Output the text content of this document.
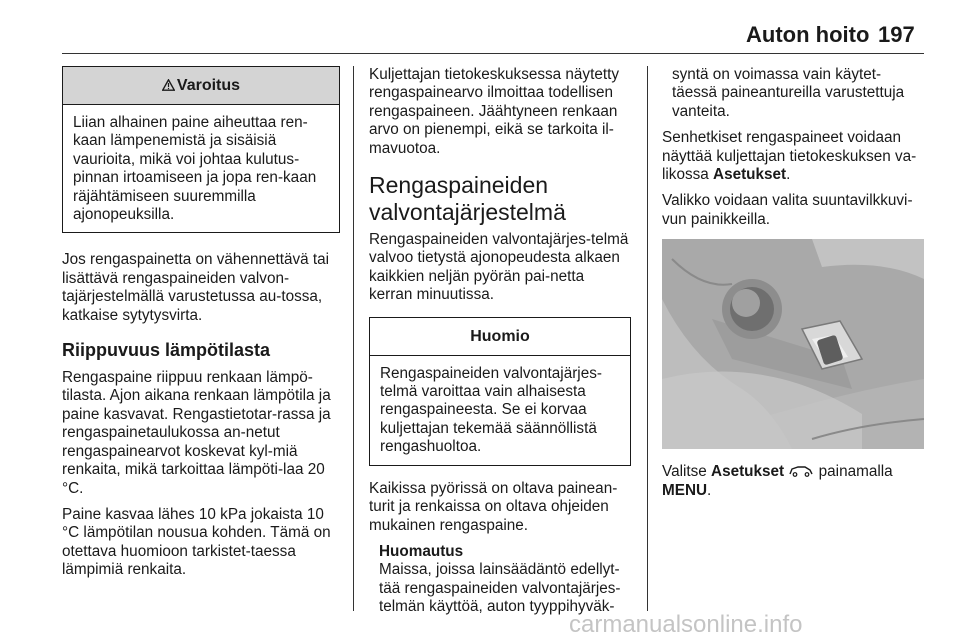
Auton hoito 197
Varoitus

Liian alhainen paine aiheuttaa ren-kaan lämpenemistä ja sisäisiä vaurioita, mikä voi johtaa kulutus-pinnan irtoamiseen ja jopa ren-kaan räjähtämiseen suuremmilla ajonopeuksilla.

Jos rengaspainetta on vähennettävä tai lisättävä rengaspaineiden valvon-tajärjestelmällä varustetussa au-tossa, katkaise sytytysvirta.

Riippuvuus lämpötilasta

Rengaspaine riippuu renkaan lämpö-tilasta. Ajon aikana renkaan lämpötila ja paine kasvavat. Rengastietotar-rassa ja rengaspainetaulukossa an-netut rengaspainearvot koskevat kyl-miä renkaita, mikä tarkoittaa lämpöti-laa 20 °C.

Paine kasvaa lähes 10 kPa jokaista 10 °C lämpötilan nousua kohden. Tämä on otettava huomioon tarkistet-taessa lämpimiä renkaita.

Kuljettajan tietokeskuksessa näytetty rengaspainearvo ilmoittaa todellisen rengaspaineen. Jäähtyneen renkaan arvo on pienempi, eikä se tarkoita il-mavuotoa.

Rengaspaineiden valvontajärjestelmä

Rengaspaineiden valvontajärjes-telmä valvoo tietystä ajonopeudesta alkaen kaikkien neljän pyörän pai-netta kerran minuutissa.

Huomio

Rengaspaineiden valvontajärjes-telmä varoittaa vain alhaisesta rengaspaineesta. Se ei korvaa kuljettajan tekemää säännöllistä rengashuoltoa.

Kaikissa pyörissä on oltava painean-turit ja renkaissa on oltava ohjeiden mukainen rengaspaine.

Huomautus

Maissa, joissa lainsäädäntö edellyt-tää rengaspaineiden valvontajärjes-telmän käyttöä, auton tyyppihyväk-

syntä on voimassa vain käytet-täessä paineantureilla varustettuja vanteita.

Senhetkiset rengaspaineet voidaan näyttää kuljettajan tietokeskuksen va-likossa Asetukset.

Valikko voidaan valita suuntavilkkuvi-vun painikkeilla.

Valitse Asetukset  painamalla
MENU.

carmanualsonline.info
